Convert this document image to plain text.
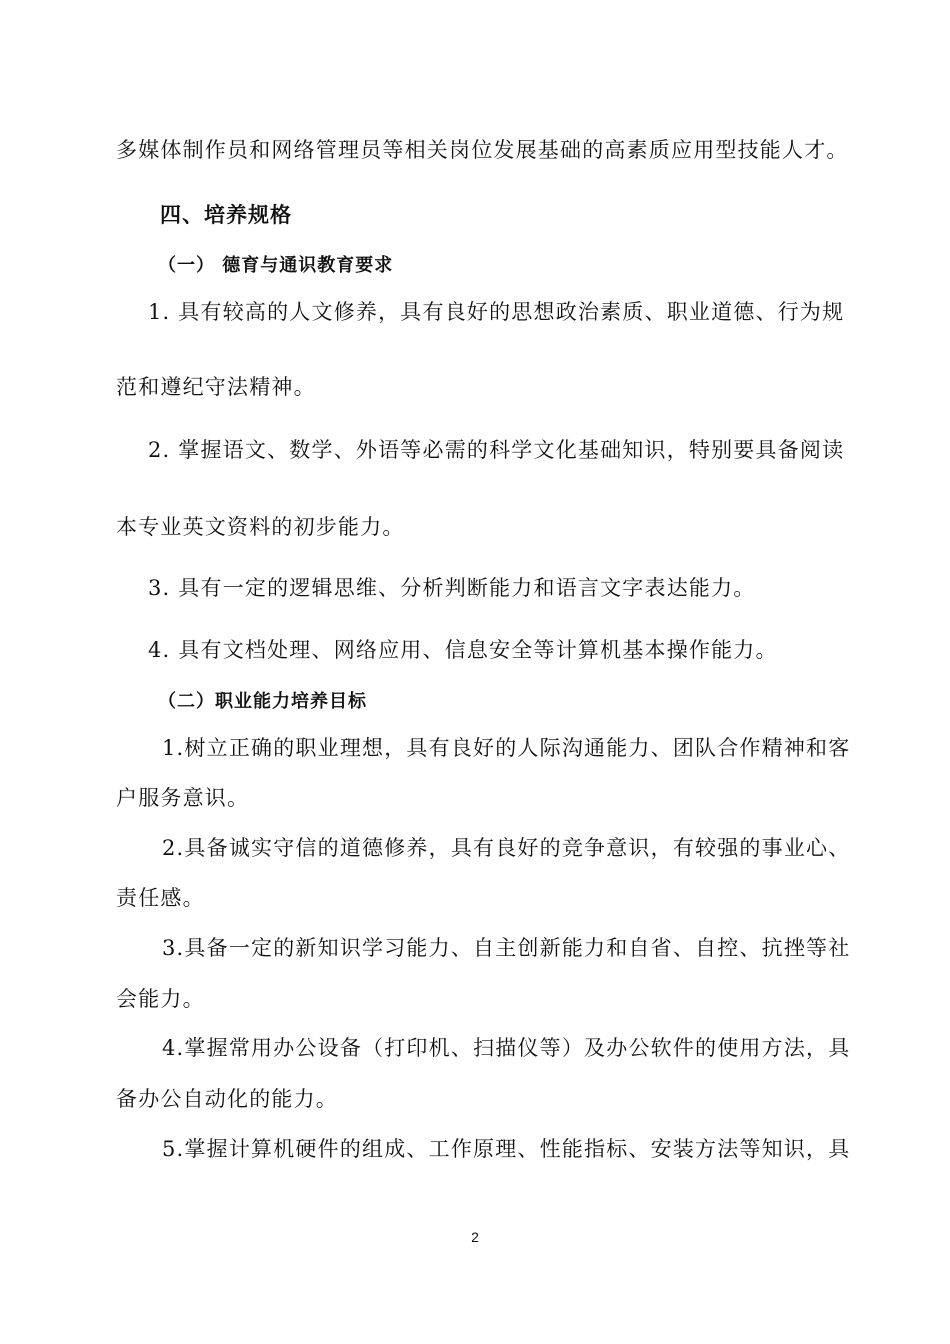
多媒体制作员和网络管理员等相关岗位发展基础的高素质应用型技能人才。
四、培养规格
（一） 德育与通识教育要求
1. 具有较高的人文修养，具有良好的思想政治素质、职业道德、行为规
范和遵纪守法精神。
2. 掌握语文、数学、外语等必需的科学文化基础知识，特别要具备阅读
本专业英文资料的初步能力。
3. 具有一定的逻辑思维、分析判断能力和语言文字表达能力。
4. 具有文档处理、网络应用、信息安全等计算机基本操作能力。
（二）职业能力培养目标
1.树立正确的职业理想，具有良好的人际沟通能力、团队合作精神和客
户服务意识。
2.具备诚实守信的道德修养，具有良好的竞争意识，有较强的事业心、
责任感。
3.具备一定的新知识学习能力、自主创新能力和自省、自控、抗挫等社
会能力。
4.掌握常用办公设备（打印机、扫描仪等）及办公软件的使用方法，具
备办公自动化的能力。
5.掌握计算机硬件的组成、工作原理、性能指标、安装方法等知识，具
2
